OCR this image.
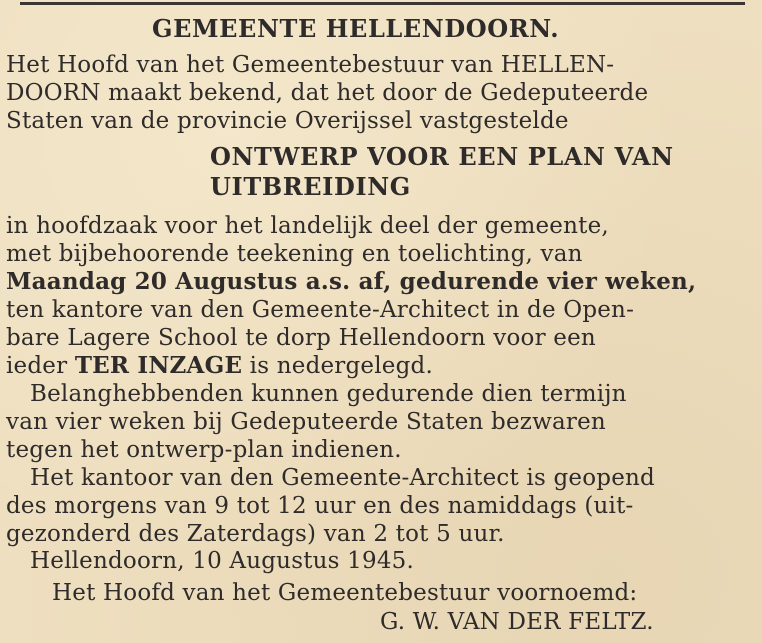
GEMEENTE HELLENDOORN.
Het Hoofd van het Gemeentebestuur van HELLEN-
DOORN maakt bekend, dat het door de Gedeputeerde
Staten van de provincie Overijssel vastgestelde
ONTWERP VOOR EEN PLAN VAN
UITBREIDING
in hoofdzaak voor het landelijk deel der gemeente,
met bijbehoorende teekening en toelichting, van
Maandag 20 Augustus a.s. af, gedurende vier weken,
ten kantore van den Gemeente-Architect in de Open-
bare Lagere School te dorp Hellendoorn voor een
ieder TER INZAGE is nedergelegd.
Belanghebbenden kunnen gedurende dien termijn
van vier weken bij Gedeputeerde Staten bezwaren
tegen het ontwerp-plan indienen.
Het kantoor van den Gemeente-Architect is geopend
des morgens van 9 tot 12 uur en des namiddags (uit-
gezonderd des Zaterdags) van 2 tot 5 uur.
Hellendoorn, 10 Augustus 1945.
Het Hoofd van het Gemeentebestuur voornoemd:
G. W. VAN DER FELTZ.
